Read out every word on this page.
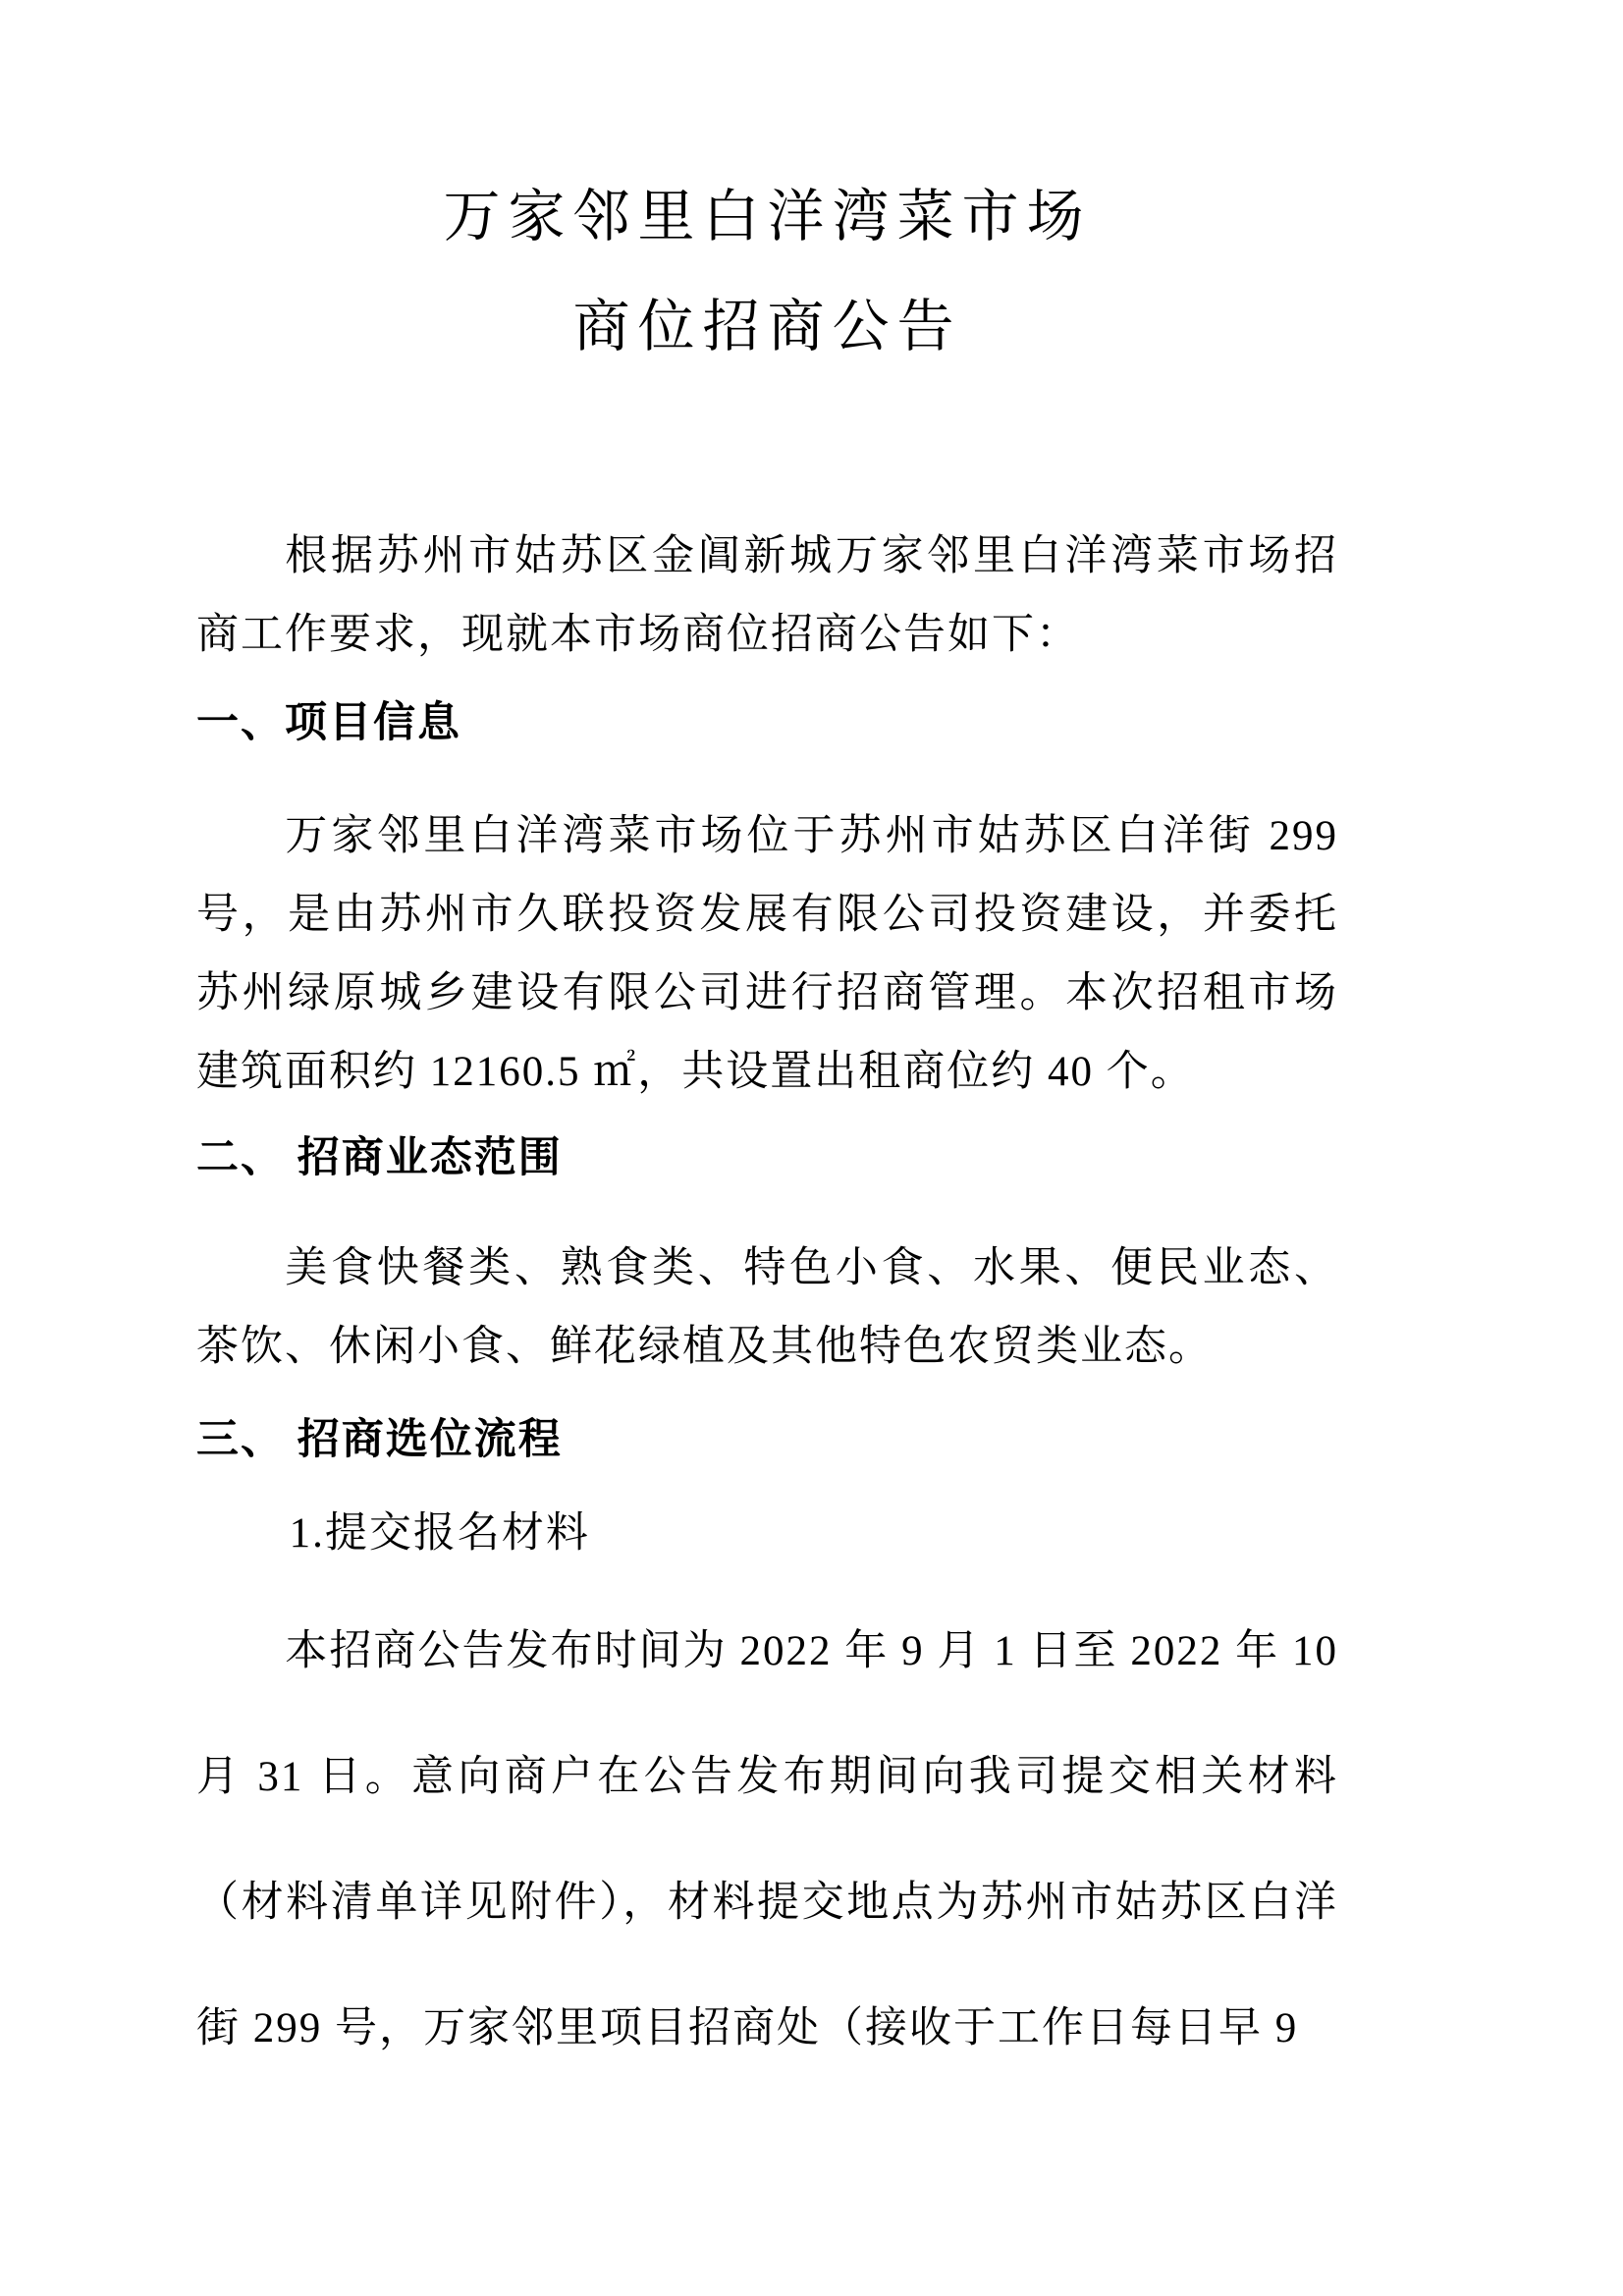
万家邻里白洋湾菜市场
商位招商公告

根据苏州市姑苏区金阊新城万家邻里白洋湾菜市场招商工作要求，现就本市场商位招商公告如下：

一、项目信息

万家邻里白洋湾菜市场位于苏州市姑苏区白洋街 299 号，是由苏州市久联投资发展有限公司投资建设，并委托苏州绿原城乡建设有限公司进行招商管理。本次招租市场建筑面积约 12160.5 ㎡，共设置出租商位约 40 个。

二、 招商业态范围

美食快餐类、熟食类、特色小食、水果、便民业态、茶饮、休闲小食、鲜花绿植及其他特色农贸类业态。

三、 招商选位流程

1.提交报名材料

本招商公告发布时间为 2022 年 9 月 1 日至 2022 年 10 月 31 日。意向商户在公告发布期间向我司提交相关材料（材料清单详见附件），材料提交地点为苏州市姑苏区白洋街 299 号，万家邻里项目招商处（接收于工作日每日早 9
